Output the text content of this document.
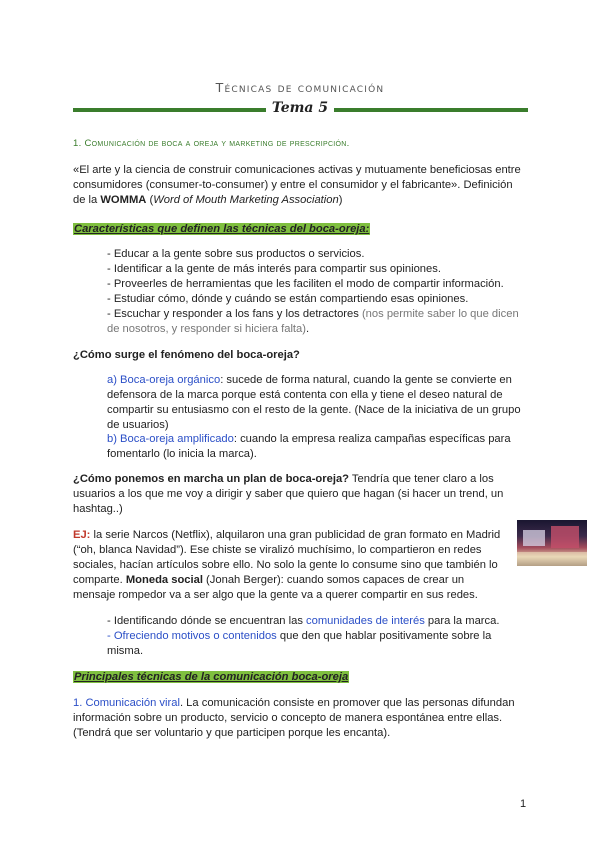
Técnicas de comunicación
Tema 5
1. Comunicación de boca a oreja y marketing de prescripción.
«El arte y la ciencia de construir comunicaciones activas y mutuamente beneficiosas entre consumidores (consumer-to-consumer) y entre el consumidor y el fabricante». Definición de la WOMMA (Word of Mouth Marketing Association)
Características que definen las técnicas del boca-oreja:
- Educar a la gente sobre sus productos o servicios.
- Identificar a la gente de más interés para compartir sus opiniones.
- Proveerles de herramientas que les faciliten el modo de compartir información.
- Estudiar cómo, dónde y cuándo se están compartiendo esas opiniones.
- Escuchar y responder a los fans y los detractores (nos permite saber lo que dicen de nosotros, y responder si hiciera falta).
¿Cómo surge el fenómeno del boca-oreja?
a) Boca-oreja orgánico: sucede de forma natural, cuando la gente se convierte en defensora de la marca porque está contenta con ella y tiene el deseo natural de compartir su entusiasmo con el resto de la gente. (Nace de la iniciativa de un grupo de usuarios)
b) Boca-oreja amplificado: cuando la empresa realiza campañas específicas para fomentarlo (lo inicia la marca).
¿Cómo ponemos en marcha un plan de boca-oreja? Tendría que tener claro a los usuarios a los que me voy a dirigir y saber que quiero que hagan (si hacer un trend, un hashtag..)
EJ: la serie Narcos (Netflix), alquilaron una gran publicidad de gran formato en Madrid (“oh, blanca Navidad”). Ese chiste se viralizó muchísimo, lo compartieron en redes sociales, hacían artículos sobre ello. No solo la gente lo consume sino que también lo comparte. Moneda social (Jonah Berger): cuando somos capaces de crear un mensaje rompedor va a ser algo que la gente va a querer compartir en sus redes.
- Identificando dónde se encuentran las comunidades de interés para la marca.
- Ofreciendo motivos o contenidos que den que hablar positivamente sobre la misma.
Principales técnicas de la comunicación boca-oreja
1. Comunicación viral. La comunicación consiste en promover que las personas difundan información sobre un producto, servicio o concepto de manera espontánea entre ellas. (Tendrá que ser voluntario y que participen porque les encanta).
1
